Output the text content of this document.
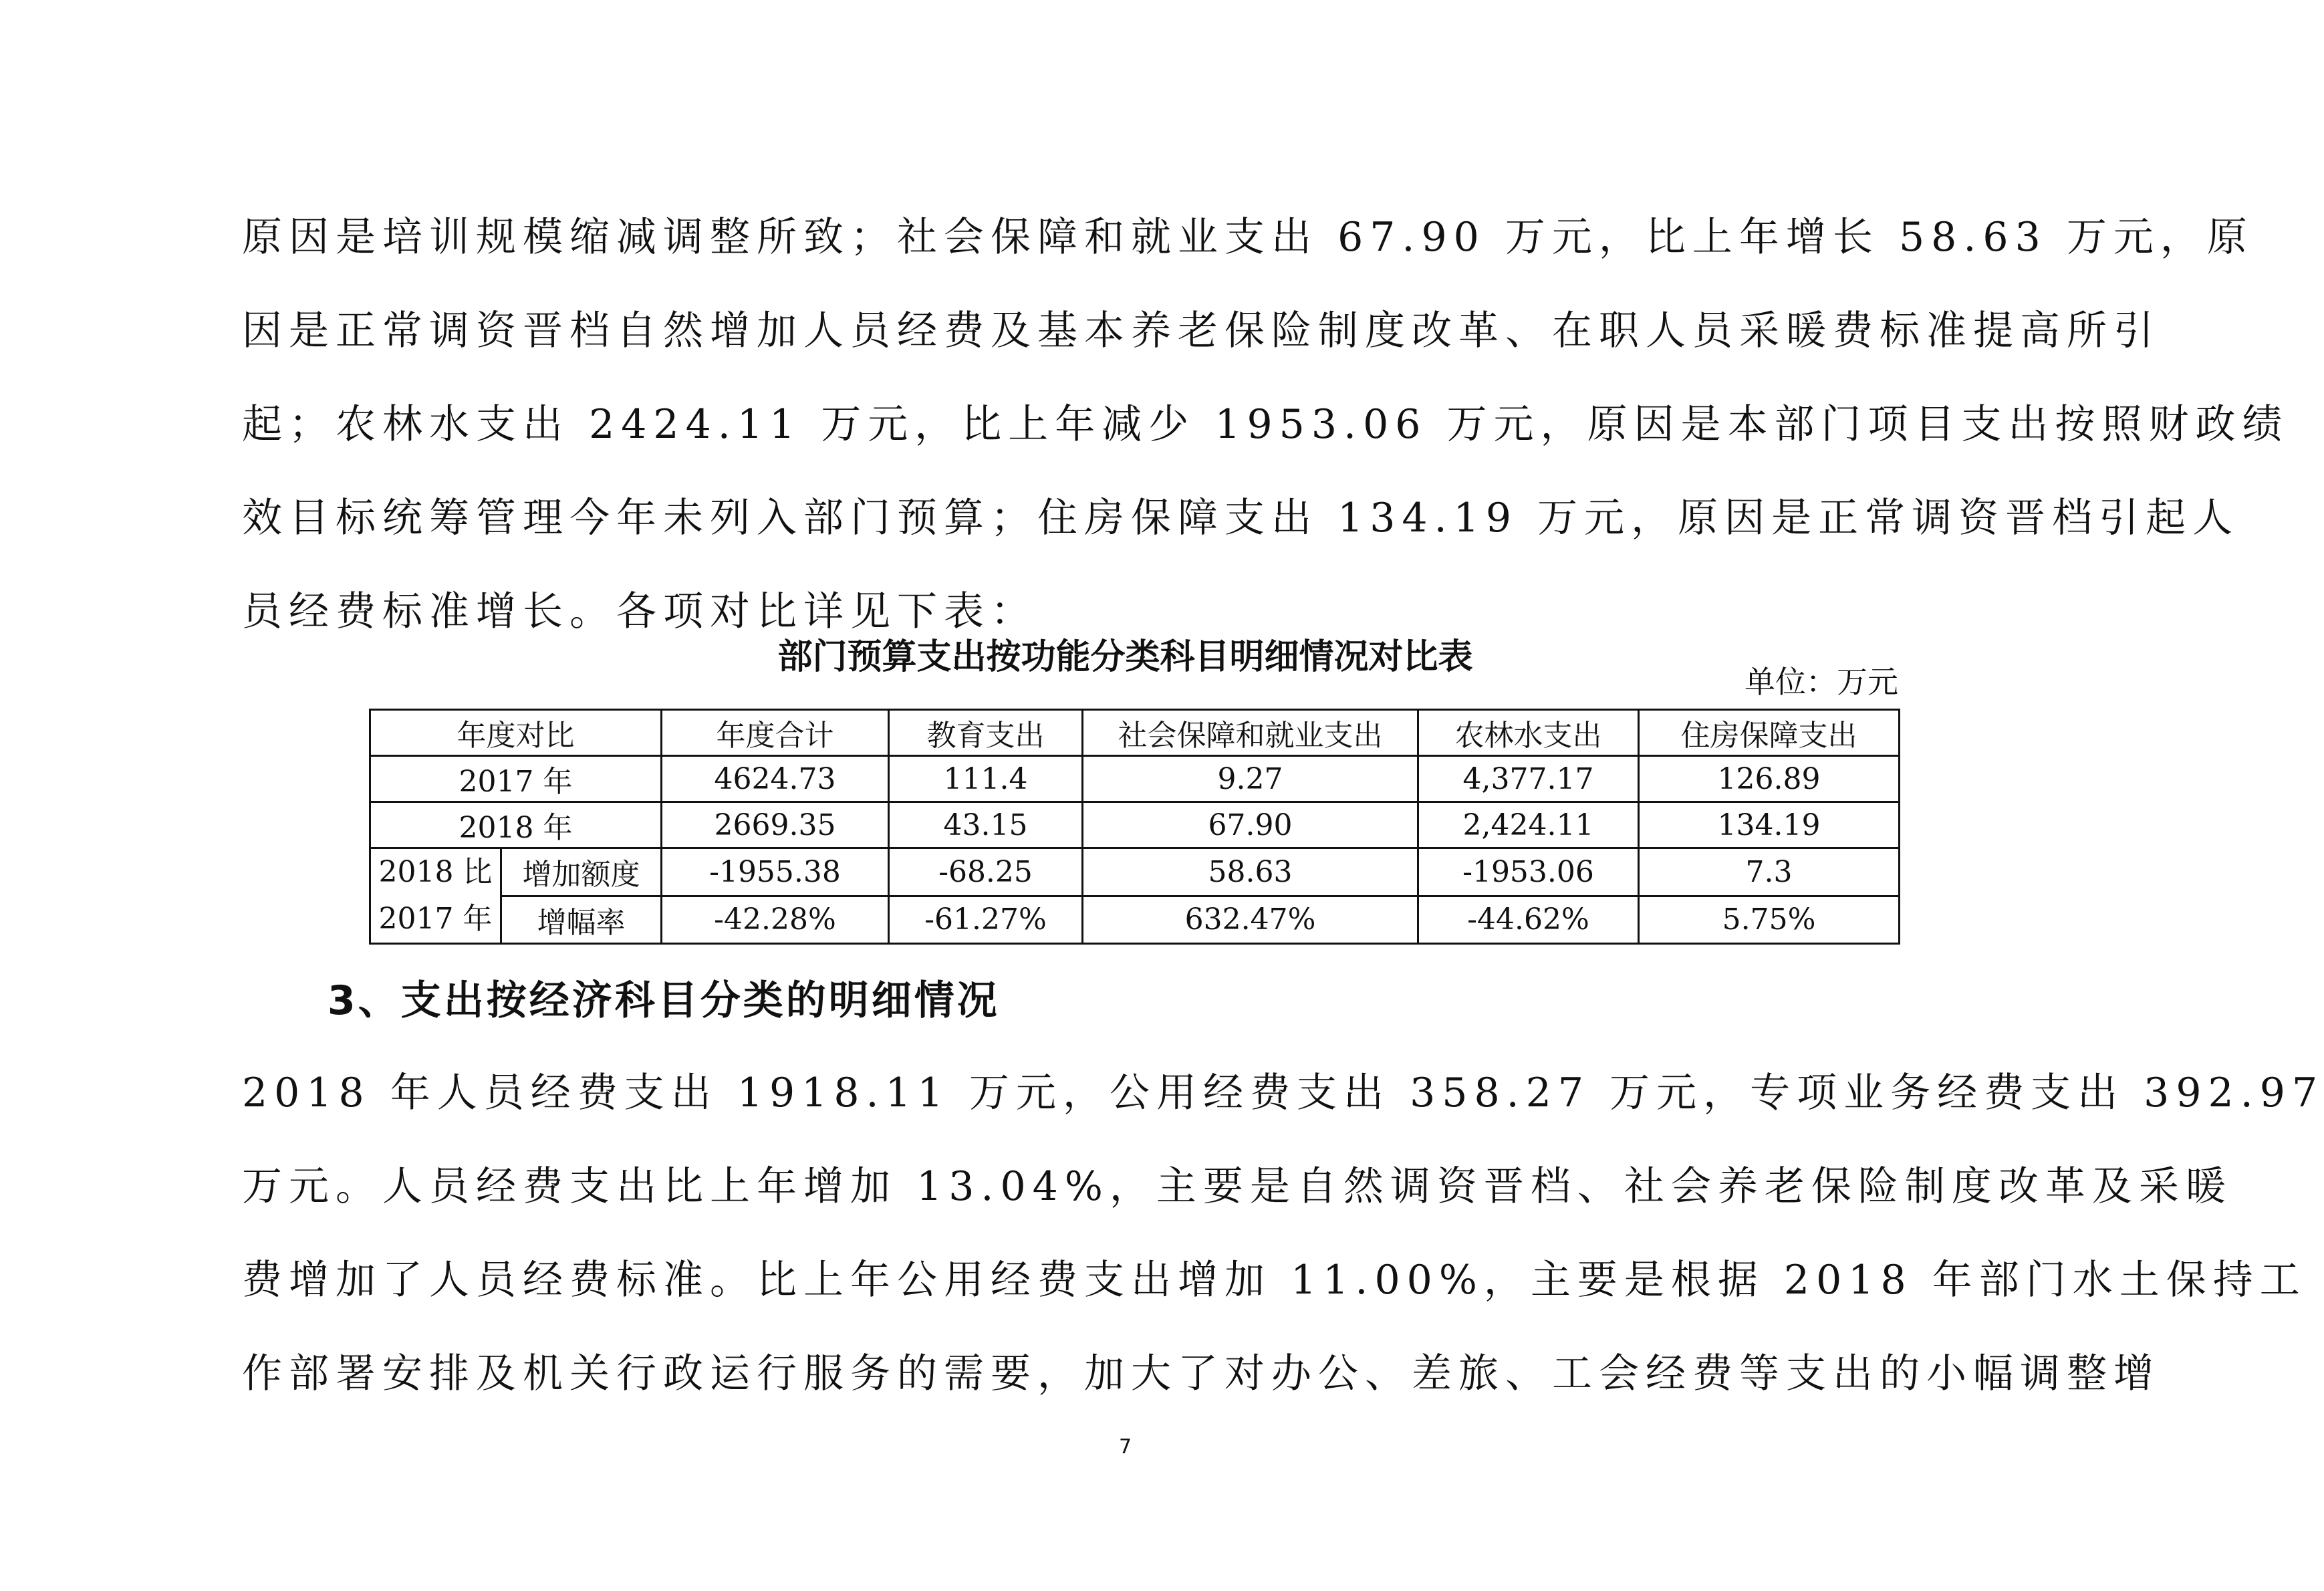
原因是培训规模缩减调整所致；社会保障和就业支出 67.90 万元，比上年增长 58.63 万元，原
因是正常调资晋档自然增加人员经费及基本养老保险制度改革、在职人员采暖费标准提高所引
起；农林水支出 2424.11 万元，比上年减少 1953.06 万元，原因是本部门项目支出按照财政绩
效目标统筹管理今年未列入部门预算；住房保障支出 134.19 万元，原因是正常调资晋档引起人
员经费标准增长。各项对比详见下表：
部门预算支出按功能分类科目明细情况对比表
单位：万元
年度对比		年度合计	教育支出	社会保障和就业支出	农林水支出	住房保障支出
2017 年		4624.73	111.4	9.27	4,377.17	126.89
2018 年		2669.35	43.15	67.90	2,424.11	134.19
2018 比
2017 年	增加额度	-1955.38	-68.25	58.63	-1953.06	7.3
	增幅率	-42.28%	-61.27%	632.47%	-44.62%	5.75%
3、支出按经济科目分类的明细情况
2018 年人员经费支出 1918.11 万元，公用经费支出 358.27 万元，专项业务经费支出 392.97
万元。人员经费支出比上年增加 13.04%，主要是自然调资晋档、社会养老保险制度改革及采暖
费增加了人员经费标准。比上年公用经费支出增加 11.00%，主要是根据 2018 年部门水土保持工
作部署安排及机关行政运行服务的需要，加大了对办公、差旅、工会经费等支出的小幅调整增
7
